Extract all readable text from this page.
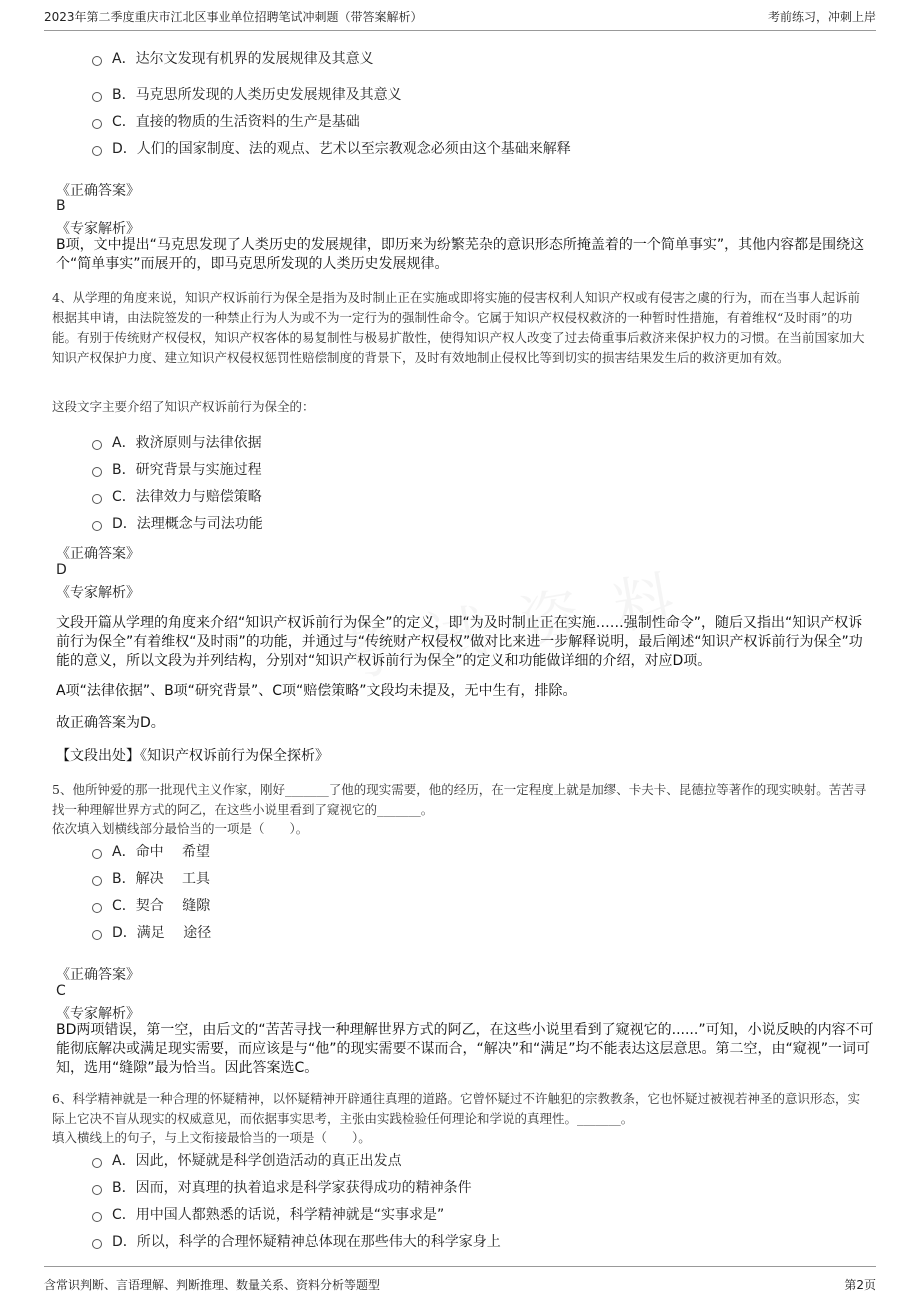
2023年第二季度重庆市江北区事业单位招聘笔试冲刺题（带答案解析）	考前练习，冲刺上岸
A． 达尔文发现有机界的发展规律及其意义
B． 马克思所发现的人类历史发展规律及其意义
C． 直接的物质的生活资料的生产是基础
D． 人们的国家制度、法的观点、艺术以至宗教观念必须由这个基础来解释
《正确答案》
B
《专家解析》
B项，文中提出“马克思发现了人类历史的发展规律，即历来为纷繁芜杂的意识形态所掩盖着的一个简单事实”，其他内容都是围绕这个“简单事实”而展开的，即马克思所发现的人类历史发展规律。
4、从学理的角度来说，知识产权诉前行为保全是指为及时制止正在实施或即将实施的侵害权利人知识产权或有侵害之虞的行为，而在当事人起诉前根据其申请，由法院签发的一种禁止行为人为或不为一定行为的强制性命令。它属于知识产权侵权救济的一种暂时性措施，有着维权“及时雨”的功能。有别于传统财产权侵权，知识产权客体的易复制性与极易扩散性，使得知识产权人改变了过去倚重事后救济来保护权力的习惯。在当前国家加大知识产权保护力度、建立知识产权侵权惩罚性赔偿制度的背景下，及时有效地制止侵权比等到切实的损害结果发生后的救济更加有效。
这段文字主要介绍了知识产权诉前行为保全的：
A． 救济原则与法律依据
B． 研究背景与实施过程
C． 法律效力与赔偿策略
D． 法理概念与司法功能
《正确答案》
D
《专家解析》
文段开篇从学理的角度来介绍“知识产权诉前行为保全”的定义，即“为及时制止正在实施……强制性命令”，随后又指出“知识产权诉前行为保全”有着维权“及时雨”的功能，并通过与“传统财产权侵权”做对比来进一步解释说明，最后阐述“知识产权诉前行为保全”功能的意义，所以文段为并列结构，分别对“知识产权诉前行为保全”的定义和功能做详细的介绍，对应D项。
A项“法律依据”、B项“研究背景”、C项“赔偿策略”文段均未提及，无中生有，排除。
故正确答案为D。
【文段出处】《知识产权诉前行为保全探析》
5、他所钟爱的那一批现代主义作家，刚好_______了他的现实需要，他的经历，在一定程度上就是加缪、卡夫卡、昆德拉等著作的现实映射。苦苦寻找一种理解世界方式的阿乙，在这些小说里看到了窥视它的_______。
依次填入划横线部分最恰当的一项是（　　）。
A． 命中　 希望
B． 解决　 工具
C． 契合　 缝隙
D． 满足　 途径
《正确答案》
C
《专家解析》
BD两项错误，第一空，由后文的“苦苦寻找一种理解世界方式的阿乙，在这些小说里看到了窥视它的......”可知，小说反映的内容不可能彻底解决或满足现实需要，而应该是与“他”的现实需要不谋而合，“解决”和“满足”均不能表达这层意思。第二空，由“窥视”一词可知，选用“缝隙”最为恰当。因此答案选C。
6、科学精神就是一种合理的怀疑精神，以怀疑精神开辟通往真理的道路。它曾怀疑过不许触犯的宗教教条，它也怀疑过被视若神圣的意识形态，实际上它决不盲从现实的权威意见，而依据事实思考，主张由实践检验任何理论和学说的真理性。_______。
填入横线上的句子，与上文衔接最恰当的一项是（　　）。
A． 因此，怀疑就是科学创造活动的真正出发点
B． 因而，对真理的执着追求是科学家获得成功的精神条件
C． 用中国人都熟悉的话说，科学精神就是“实事求是”
D． 所以，科学的合理怀疑精神总体现在那些伟大的科学家身上
含常识判断、言语理解、判断推理、数量关系、资料分析等题型	第2页
